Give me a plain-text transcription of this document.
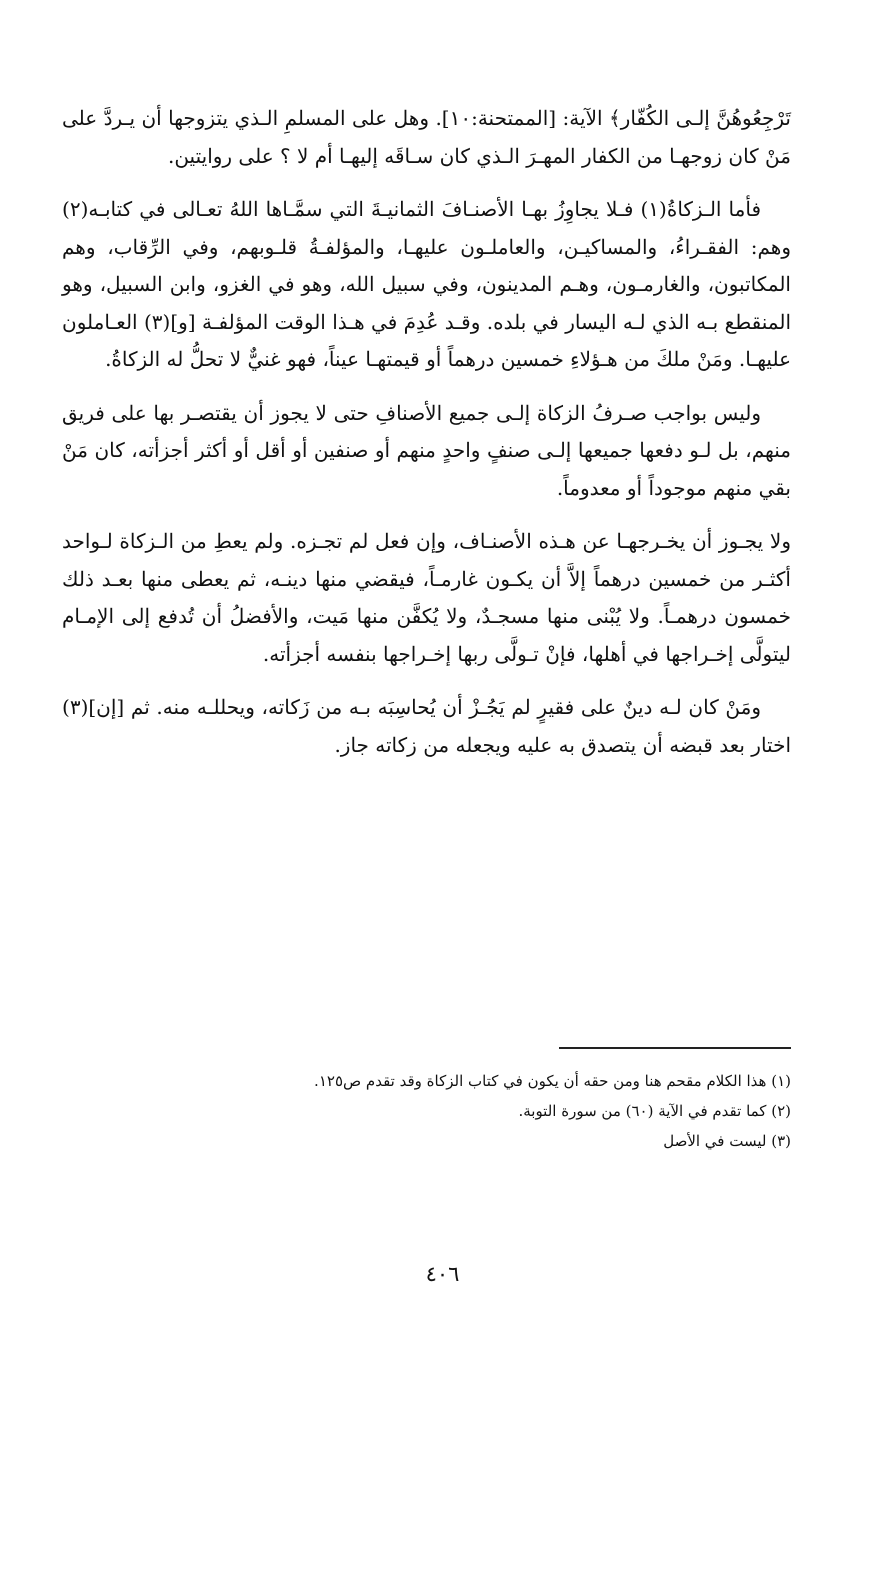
تَرْجِعُوهُنَّ إلـى الكُفّار﴾ الآية: [الممتحنة:١٠]. وهل على المسلمِ الـذي يتزوجها أن يـردَّ على مَنْ كان زوجهـا من الكفار المهـرَ الـذي كان سـاقَه إليهـا أم لا ؟ على روايتين.

فأما الـزكاةُ(١) فـلا يجاوِزُ بهـا الأصنـافَ الثمانيـةَ التي سمَّـاها اللهُ تعـالى في كتابـه(٢) وهم: الفقـراءُ، والمساكيـن، والعاملـون عليهـا، والمؤلفـةُ قلـوبهم، وفي الرِّقاب، وهم المكاتبون، والغارمـون، وهـم المدينون، وفي سبيل الله، وهو في الغزو، وابن السبيل، وهو المنقطع بـه الذي لـه اليسار في بلده. وقـد عُدِمَ في هـذا الوقت المؤلفـة [و](٣) العـاملون عليهـا. ومَنْ ملكَ من هـؤلاءِ خمسين درهماً أو قيمتهـا عيناً، فهو غنيٌّ لا تحلُّ له الزكاةُ.

وليس بواجب صـرفُ الزكاة إلـى جميع الأصنافِ حتى لا يجوز أن يقتصـر بها على فريق منهم، بل لـو دفعها جميعها إلـى صنفٍ واحدٍ منهم أو صنفين أو أقل أو أكثر أجزأته، كان مَنْ بقي منهم موجوداً أو معدوماً.

ولا يجـوز أن يخـرجهـا عن هـذه الأصنـاف، وإن فعل لم تجـزه. ولم يعطِ من الـزكاة لـواحد أكثـر من خمسين درهماً إلاَّ أن يكـون غارمـاً، فيقضي منها دينـه، ثم يعطى منها بعـد ذلك خمسون درهمـاً. ولا يُبْنى منها مسجـدٌ، ولا يُكفَّن منها مَيت، والأفضلُ أن تُدفع إلى الإمـام ليتولَّى إخـراجها في أهلها، فإنْ تـولَّى ربها إخـراجها بنفسه أجزأته.

ومَنْ كان لـه دينٌ على فقيرٍ لم يَجُـزْ أن يُحاسِبَه بـه من زَكاته، ويحللـه منه. ثم [إن](٣) اختار بعد قبضه أن يتصدق به عليه ويجعله من زكاته جاز.

(١) هذا الكلام مقحم هنا ومن حقه أن يكون في كتاب الزكاة وقد تقدم ص١٢٥.

(٢) كما تقدم في الآية (٦٠) من سورة التوبة.

(٣) ليست في الأصل

٤٠٦
